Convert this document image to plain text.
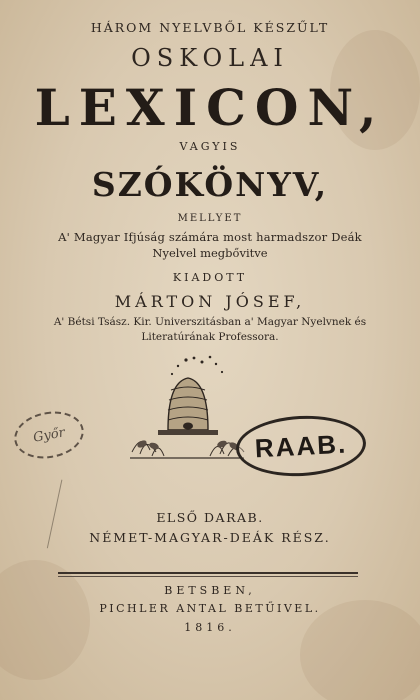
HÁROM NYELVBŐL KÉSZŰLT
OSKOLAI
LEXICON,
VAGYIS
SZÓKÖNYV,
MELLYET
A' Magyar Ifjúság számára most harmadszor Deák
Nyelvel megbővitve
KIADOTT
MÁRTON JÓSEF,
A' Bétsi Tsász. Kir. Universzitásban a' Magyar Nyelvnek és
Literatúrának Professora.
Győr	RAAB.
ELSŐ DARAB.
NÉMET-MAGYAR-DEÁK RÉSZ.
BETSBEN,
PICHLER ANTAL BETŰIVEL.
1816.
